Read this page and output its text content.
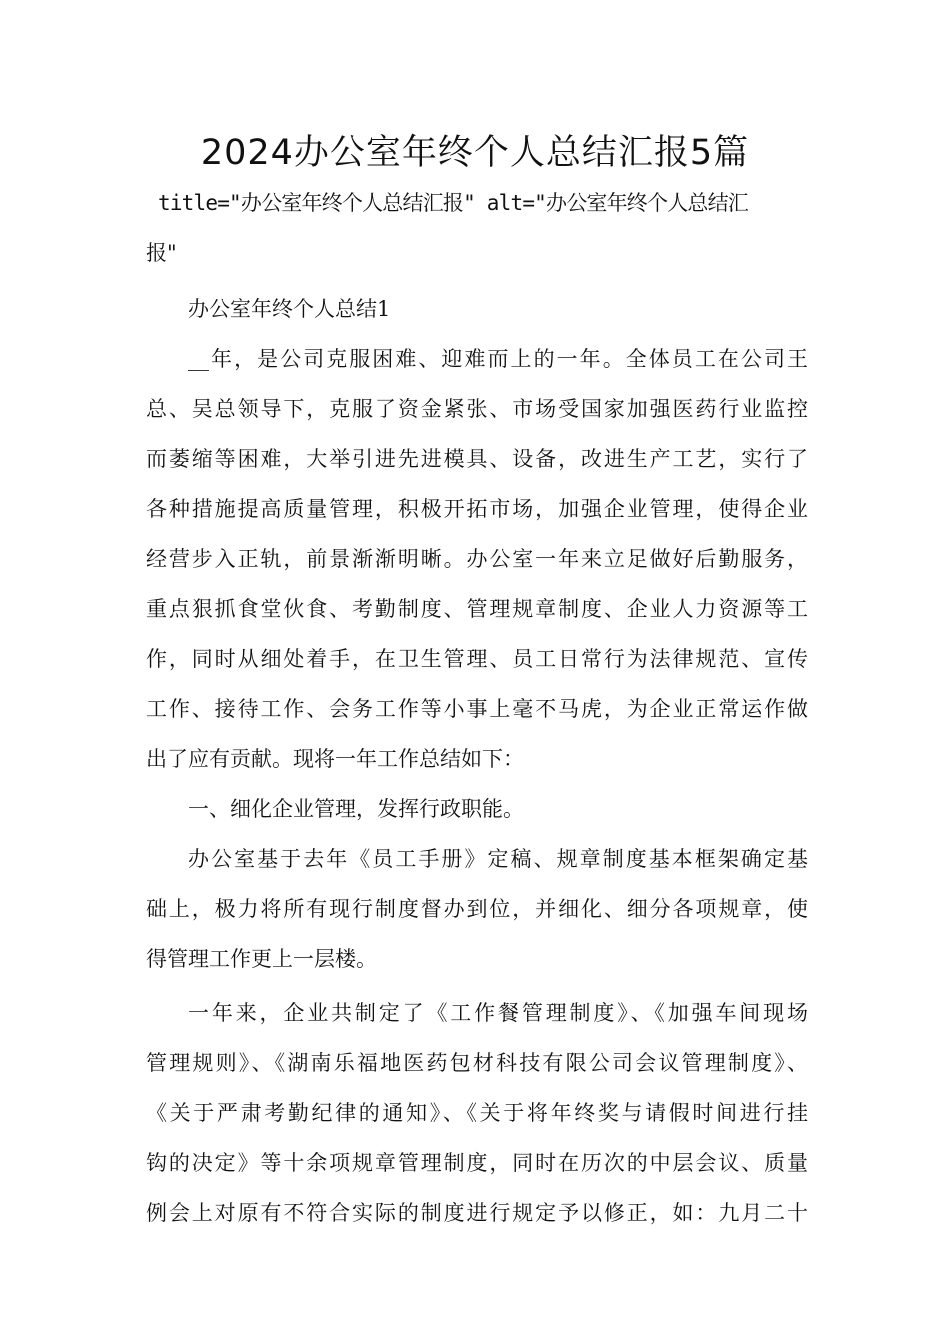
2024办公室年终个人总结汇报5篇
title="办公室年终个人总结汇报" alt="办公室年终个人总结汇
报"
办公室年终个人总结1
__年，是公司克服困难、迎难而上的一年。全体员工在公司王
总、吴总领导下，克服了资金紧张、市场受国家加强医药行业监控
而萎缩等困难，大举引进先进模具、设备，改进生产工艺，实行了
各种措施提高质量管理，积极开拓市场，加强企业管理，使得企业
经营步入正轨，前景渐渐明晰。办公室一年来立足做好后勤服务，
重点狠抓食堂伙食、考勤制度、管理规章制度、企业人力资源等工
作，同时从细处着手，在卫生管理、员工日常行为法律规范、宣传
工作、接待工作、会务工作等小事上毫不马虎，为企业正常运作做
出了应有贡献。现将一年工作总结如下：
一、细化企业管理，发挥行政职能。
办公室基于去年《员工手册》定稿、规章制度基本框架确定基
础上，极力将所有现行制度督办到位，并细化、细分各项规章，使
得管理工作更上一层楼。
一年来，企业共制定了《工作餐管理制度》、《加强车间现场
管理规则》、《湖南乐福地医药包材科技有限公司会议管理制度》、
《关于严肃考勤纪律的通知》、《关于将年终奖与请假时间进行挂
钩的决定》等十余项规章管理制度，同时在历次的中层会议、质量
例会上对原有不符合实际的制度进行规定予以修正，如：九月二十
